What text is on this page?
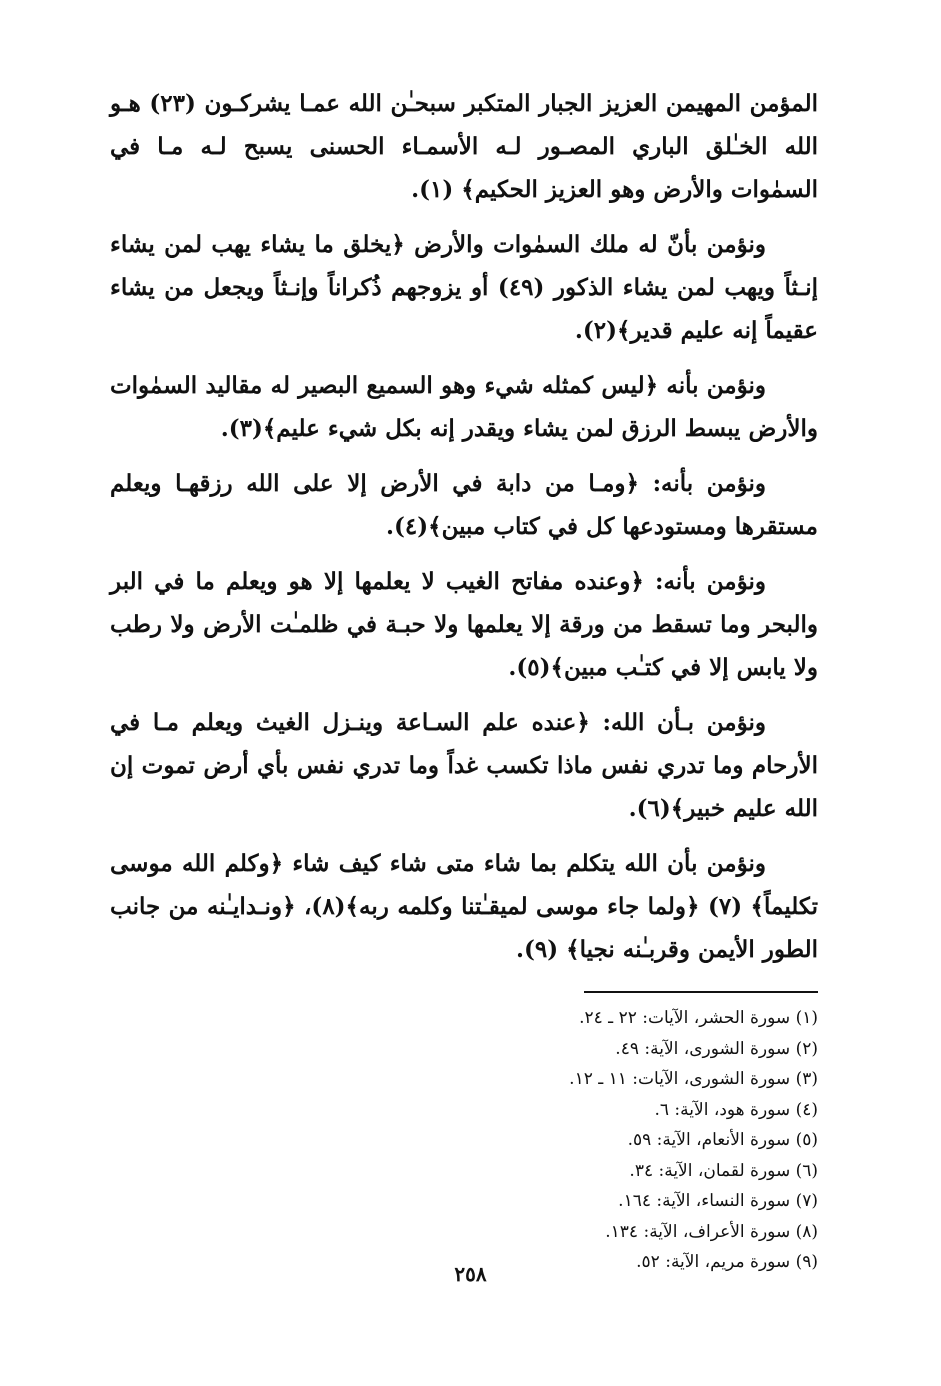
المؤمن المهيمن العزيز الجبار المتكبر سبحـٰن الله عمـا يشركـون (٢٣) هـو الله الخـٰلق الباري المصـور لـه الأسمـاء الحسنى يسبح لـه مـا في السمٰوات والأرض وهو العزيز الحكيم﴾ (١).

ونؤمن بأنّ له ملك السمٰوات والأرض ﴿يخلق ما يشاء يهب لمن يشاء إنـثاً ويهب لمن يشاء الذكور (٤٩) أو يزوجهم ذُكراناً وإنـثاً ويجعل من يشاء عقيماً إنه عليم قدير﴾(٢).

ونؤمن بأنه ﴿ليس كمثله شيء وهو السميع البصير له مقاليد السمٰوات والأرض يبسط الرزق لمن يشاء ويقدر إنه بكل شيء عليم﴾(٣).

ونؤمن بأنه: ﴿ومـا من دابة في الأرض إلا على الله رزقهـا ويعلم مستقرها ومستودعها كل في كتاب مبين﴾(٤).

ونؤمن بأنه: ﴿وعنده مفاتح الغيب لا يعلمها إلا هو ويعلم ما في البر والبحر وما تسقط من ورقة إلا يعلمها ولا حبـة في ظلمـٰت الأرض ولا رطب ولا يابس إلا في كتـٰب مبين﴾(٥).

ونؤمن بـأن الله: ﴿عنده علم السـاعة وينـزل الغيث ويعلم مـا في الأرحام وما تدري نفس ماذا تكسب غداً وما تدري نفس بأي أرض تموت إن الله عليم خبير﴾(٦).

ونؤمن بأن الله يتكلم بما شاء متى شاء كيف شاء ﴿وكلم الله موسى تكليماً﴾ (٧) ﴿ولما جاء موسى لميقـٰتنا وكلمه ربه﴾(٨)، ﴿ونـدايـٰنه من جانب الطور الأيمن وقربـٰنه نجيا﴾ (٩).

(١) سورة الحشر، الآيات: ٢٢ ـ ٢٤.
(٢) سورة الشورى، الآية: ٤٩.
(٣) سورة الشورى، الآيات: ١١ ـ ١٢.
(٤) سورة هود، الآية: ٦.
(٥) سورة الأنعام، الآية: ٥٩.
(٦) سورة لقمان، الآية: ٣٤.
(٧) سورة النساء، الآية: ١٦٤.
(٨) سورة الأعراف، الآية: ١٣٤.
(٩) سورة مريم، الآية: ٥٢.
٢٥٨
